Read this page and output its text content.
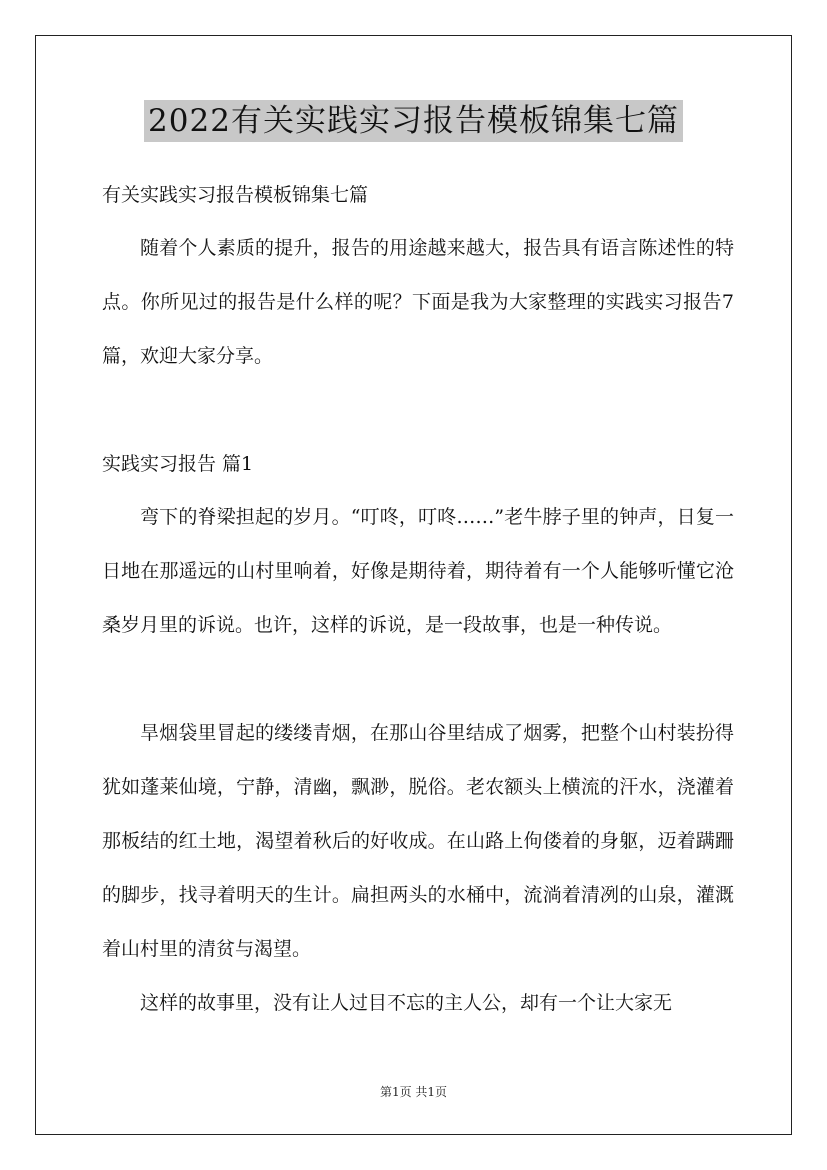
2022有关实践实习报告模板锦集七篇
有关实践实习报告模板锦集七篇
随着个人素质的提升，报告的用途越来越大，报告具有语言陈述性的特点。你所见过的报告是什么样的呢？下面是我为大家整理的实践实习报告7篇，欢迎大家分享。
实践实习报告 篇1
弯下的脊梁担起的岁月。“叮咚，叮咚……”老牛脖子里的钟声，日复一日地在那遥远的山村里响着，好像是期待着，期待着有一个人能够听懂它沧桑岁月里的诉说。也许，这样的诉说，是一段故事，也是一种传说。
旱烟袋里冒起的缕缕青烟，在那山谷里结成了烟雾，把整个山村装扮得犹如蓬莱仙境，宁静，清幽，飘渺，脱俗。老农额头上横流的汗水，浇灌着那板结的红土地，渴望着秋后的好收成。在山路上佝偻着的身躯，迈着蹒跚的脚步，找寻着明天的生计。扁担两头的水桶中，流淌着清冽的山泉，灌溉着山村里的清贫与渴望。
这样的故事里，没有让人过目不忘的主人公，却有一个让大家无
第1页 共1页
